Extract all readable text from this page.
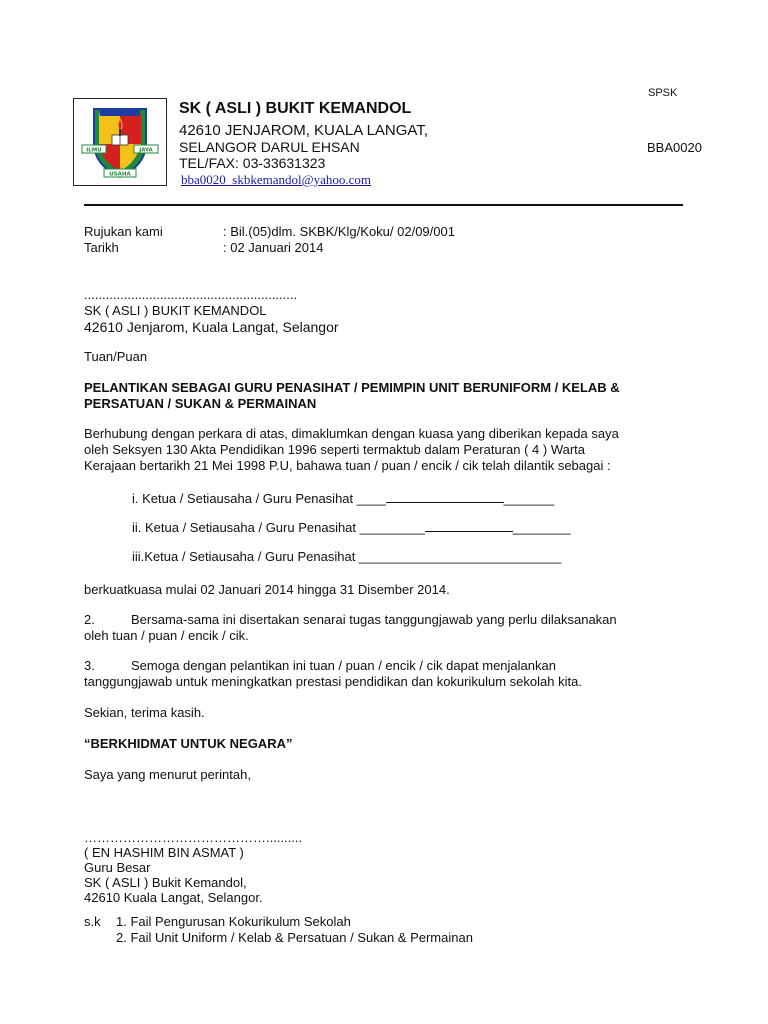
SPSK
ILMU	JAYA
USAHA
SK ( ASLI ) BUKIT KEMANDOL
42610 JENJAROM, KUALA LANGAT,
SELANGOR DARUL EHSAN
TEL/FAX: 03-33631323
bba0020_skbkemandol@yahoo.com
BBA0020
Rujukan kami	: Bil.(05)dlm. SKBK/Klg/Koku/ 02/09/001
Tarikh	: 02 Januari 2014
...........................................................
SK ( ASLI ) BUKIT KEMANDOL
42610 Jenjarom, Kuala Langat, Selangor
Tuan/Puan
PELANTIKAN SEBAGAI GURU PENASIHAT / PEMIMPIN UNIT BERUNIFORM / KELAB &
PERSATUAN / SUKAN & PERMAINAN
Berhubung dengan perkara di atas, dimaklumkan dengan kuasa yang diberikan kepada saya
oleh Seksyen 130 Akta Pendidikan 1996 seperti termaktub dalam Peraturan ( 4 ) Warta
Kerajaan bertarikh 21 Mei 1998 P.U, bahawa tuan / puan / encik / cik telah dilantik sebagai :
i. Ketua / Setiausaha / Guru Penasihat ____	_______
ii. Ketua / Setiausaha / Guru Penasihat _________	________
iii.Ketua / Setiausaha / Guru Penasihat ____________________________
berkuatkuasa mulai 02 Januari 2014 hingga 31 Disember 2014.
2.	Bersama-sama ini disertakan senarai tugas tanggungjawab yang perlu dilaksanakan
oleh tuan / puan / encik / cik.
3.	Semoga dengan pelantikan ini tuan / puan / encik / cik dapat menjalankan
tanggungjawab untuk meningkatkan prestasi pendidikan dan kokurikulum sekolah kita.
Sekian, terima kasih.
“BERKHIDMAT UNTUK NEGARA”
Saya yang menurut perintah,
……………………………………..........
( EN HASHIM BIN ASMAT )
Guru Besar
SK ( ASLI ) Bukit Kemandol,
42610 Kuala Langat, Selangor.
s.k 1. Fail Pengurusan Kokurikulum Sekolah
2. Fail Unit Uniform / Kelab & Persatuan / Sukan & Permainan
